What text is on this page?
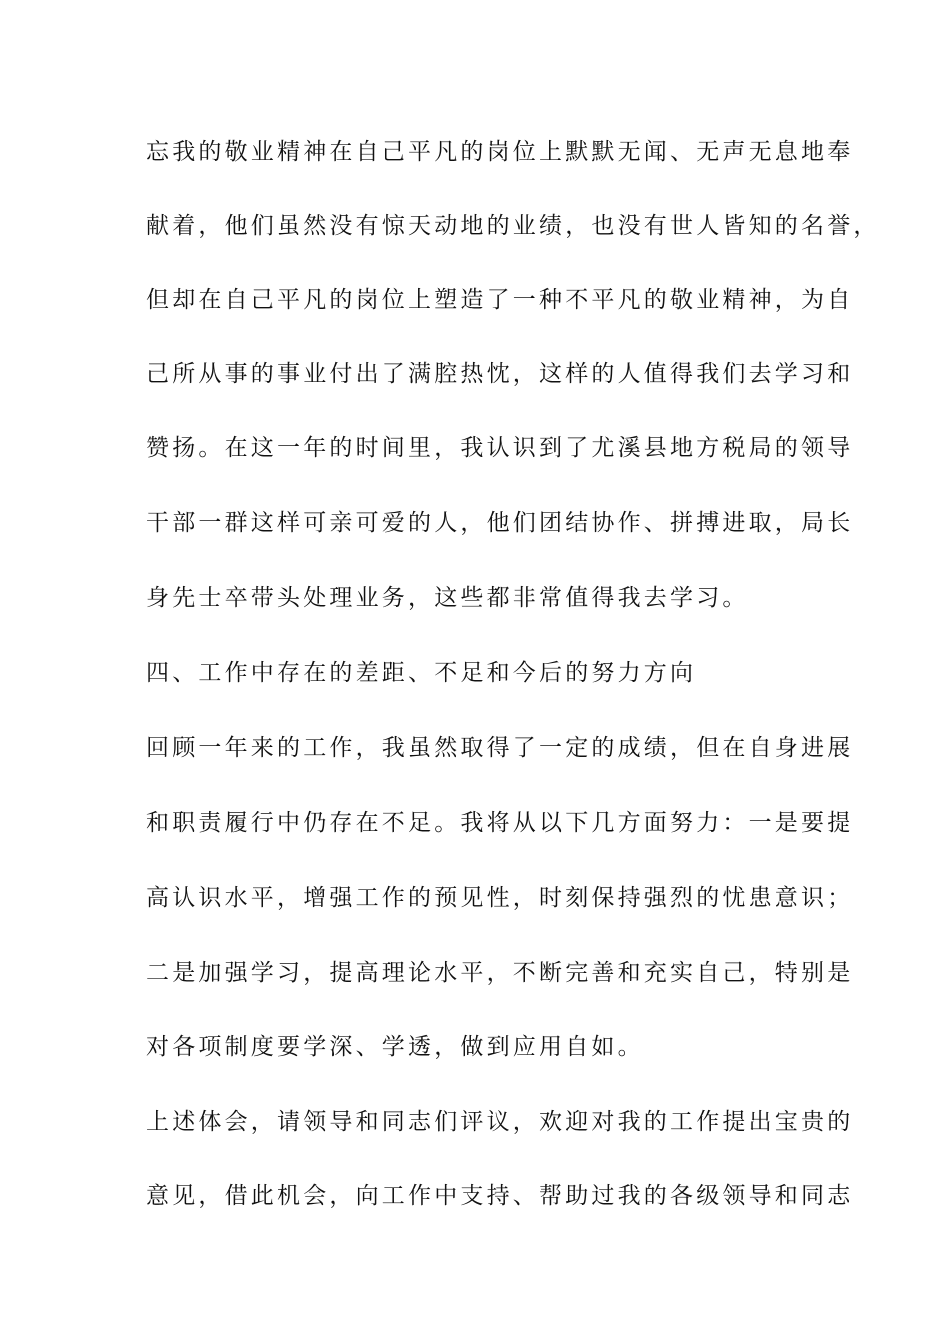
忘我的敬业精神在自己平凡的岗位上默默无闻、无声无息地奉
献着，他们虽然没有惊天动地的业绩，也没有世人皆知的名誉，
但却在自己平凡的岗位上塑造了一种不平凡的敬业精神，为自
己所从事的事业付出了满腔热忱，这样的人值得我们去学习和
赞扬。在这一年的时间里，我认识到了尤溪县地方税局的领导
干部一群这样可亲可爱的人，他们团结协作、拼搏进取，局长
身先士卒带头处理业务，这些都非常值得我去学习。
四、工作中存在的差距、不足和今后的努力方向
回顾一年来的工作，我虽然取得了一定的成绩，但在自身进展
和职责履行中仍存在不足。我将从以下几方面努力：一是要提
高认识水平，增强工作的预见性，时刻保持强烈的忧患意识；
二是加强学习，提高理论水平，不断完善和充实自己，特别是
对各项制度要学深、学透，做到应用自如。
上述体会，请领导和同志们评议，欢迎对我的工作提出宝贵的
意见，借此机会，向工作中支持、帮助过我的各级领导和同志
